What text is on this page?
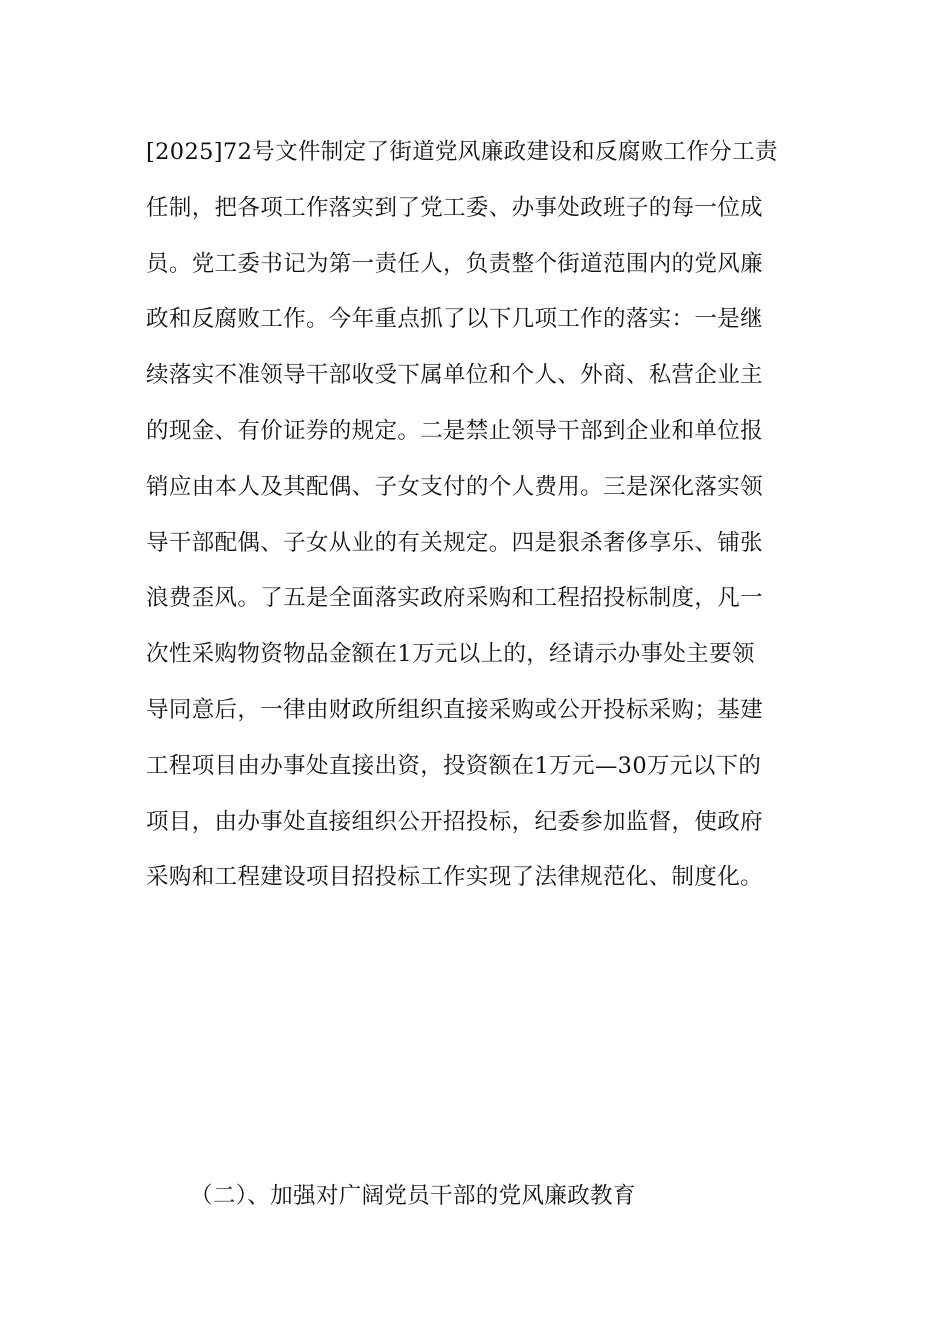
[2025]72号文件制定了街道党风廉政建设和反腐败工作分工责
任制，把各项工作落实到了党工委、办事处政班子的每一位成
员。党工委书记为第一责任人，负责整个街道范围内的党风廉
政和反腐败工作。今年重点抓了以下几项工作的落实：一是继
续落实不准领导干部收受下属单位和个人、外商、私营企业主
的现金、有价证券的规定。二是禁止领导干部到企业和单位报
销应由本人及其配偶、子女支付的个人费用。三是深化落实领
导干部配偶、子女从业的有关规定。四是狠杀奢侈享乐、铺张
浪费歪风。了五是全面落实政府采购和工程招投标制度，凡一
次性采购物资物品金额在1万元以上的，经请示办事处主要领
导同意后，一律由财政所组织直接采购或公开投标采购；基建
工程项目由办事处直接出资，投资额在1万元—30万元以下的
项目，由办事处直接组织公开招投标，纪委参加监督，使政府
采购和工程建设项目招投标工作实现了法律规范化、制度化。
（二）、加强对广阔党员干部的党风廉政教育
